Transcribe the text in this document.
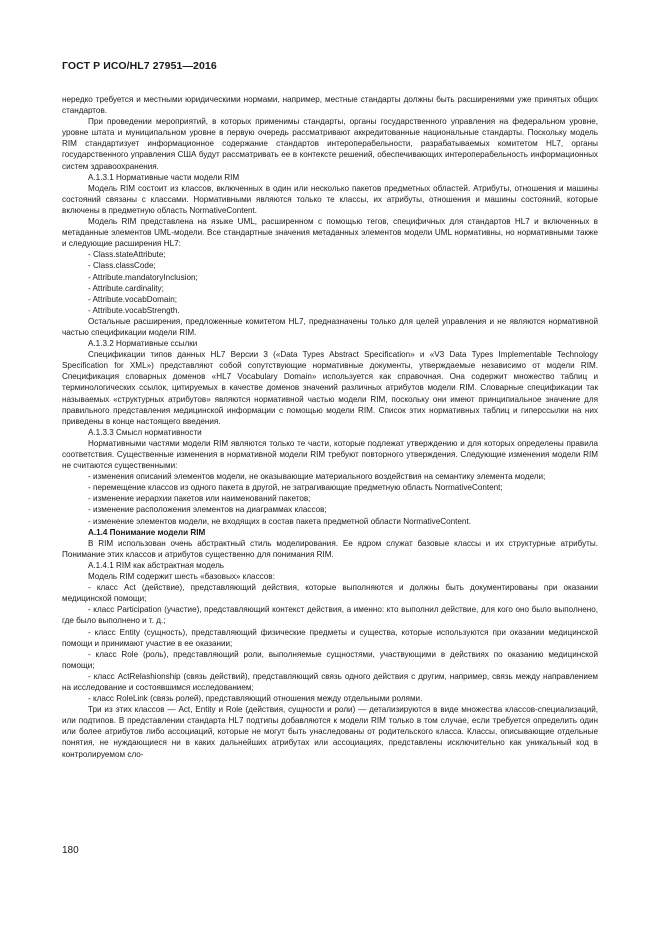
ГОСТ Р ИСО/HL7 27951—2016

нередко требуется и местными юридическими нормами, например, местные стандарты должны быть расширениями уже принятых общих стандартов.

При проведении мероприятий, в которых применимы стандарты, органы государственного управления на федеральном уровне, уровне штата и муниципальном уровне в первую очередь рассматривают аккредитованные национальные стандарты. Поскольку модель RIM стандартизует информационное содержание стандартов интероперабельности, разрабатываемых комитетом HL7, органы государственного управления США будут рассматривать ее в контексте решений, обеспечивающих интероперабельность информационных систем здравоохранения.

A.1.3.1 Нормативные части модели RIM

Модель RIM состоит из классов, включенных в один или несколько пакетов предметных областей. Атрибуты, отношения и машины состояний связаны с классами. Нормативными являются только те классы, их атрибуты, отношения и машины состояний, которые включены в предметную область NormativeContent.

Модель RIM представлена на языке UML, расширенном с помощью тегов, специфичных для стандартов HL7 и включенных в метаданные элементов UML-модели. Все стандартные значения метаданных элементов модели UML нормативны, но нормативными также и следующие расширения HL7:

- Class.stateAttribute;

- Class.classCode;

- Attribute.mandatoryInclusion;

- Attribute.cardinality;

- Attribute.vocabDomain;

- Attribute.vocabStrength.

Остальные расширения, предложенные комитетом HL7, предназначены только для целей управления и не являются нормативной частью спецификации модели RIM.

A.1.3.2 Нормативные ссылки

Спецификации типов данных HL7 Версии 3 («Data Types Abstract Specification» и «V3 Data Types Implementable Technology Specification for XML») представляют собой сопутствующие нормативные документы, утверждаемые независимо от модели RIM. Спецификация словарных доменов «HL7 Vocabulary Domain» используется как справочная. Она содержит множество таблиц и терминологических ссылок, цитируемых в качестве доменов значений различных атрибутов модели RIM. Словарные спецификации так называемых «структурных атрибутов» являются нормативной частью модели RIM, поскольку они имеют принципиальное значение для правильного представления медицинской информации с помощью модели RIM. Список этих нормативных таблиц и гиперссылки на них приведены в конце настоящего введения.

A.1.3.3 Смысл нормативности

Нормативными частями модели RIM являются только те части, которые подлежат утверждению и для которых определены правила соответствия. Существенные изменения в нормативной модели RIM требуют повторного утверждения. Следующие изменения модели RIM не считаются существенными:

- изменения описаний элементов модели, не оказывающие материального воздействия на семантику элемента модели;

- перемещение классов из одного пакета в другой, не затрагивающие предметную область NormativeContent;

- изменение иерархии пакетов или наименований пакетов;

- изменение расположения элементов на диаграммах классов;

- изменение элементов модели, не входящих в состав пакета предметной области NormativeContent.

A.1.4 Понимание модели RIM

В RIM использован очень абстрактный стиль моделирования. Ее ядром служат базовые классы и их структурные атрибуты. Понимание этих классов и атрибутов существенно для понимания RIM.

A.1.4.1 RIM как абстрактная модель

Модель RIM содержит шесть «базовых» классов:

- класс Act (действие), представляющий действия, которые выполняются и должны быть документированы при оказании медицинской помощи;

- класс Participation (участие), представляющий контекст действия, а именно: кто выполнил действие, для кого оно было выполнено, где было выполнено и т. д.;

- класс Entity (сущность), представляющий физические предметы и существа, которые используются при оказании медицинской помощи и принимают участие в ее оказании;

- класс Role (роль), представляющий роли, выполняемые сущностями, участвующими в действиях по оказанию медицинской помощи;

- класс ActRelashionship (связь действий), представляющий связь одного действия с другим, например, связь между направлением на исследование и состоявшимся исследованием;

- класс RoleLink (связь ролей), представляющий отношения между отдельными ролями.

Три из этих классов — Act, Entity и Role (действия, сущности и роли) — детализируются в виде множества классов-специализаций, или подтипов. В представлении стандарта HL7 подтипы добавляются к модели RIM только в том случае, если требуется определить один или более атрибутов либо ассоциаций, которые не могут быть унаследованы от родительского класса. Классы, описывающие отдельные понятия, не нуждающиеся ни в каких дальнейших атрибутах или ассоциациях, представлены исключительно как уникальный код в контролируемом сло-

180
